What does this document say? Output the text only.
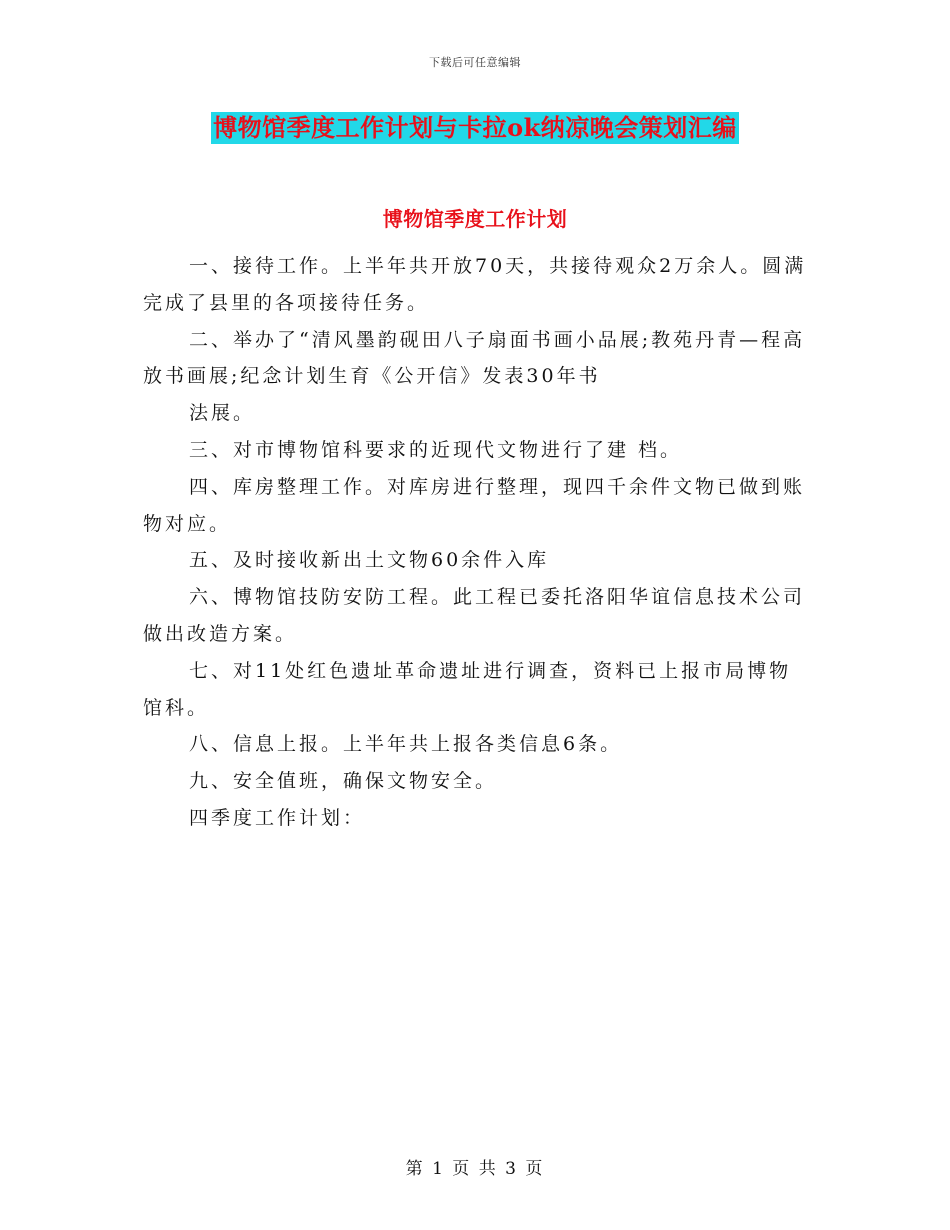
下载后可任意编辑
博物馆季度工作计划与卡拉ok纳凉晚会策划汇编
博物馆季度工作计划

一、接待工作。上半年共开放70天，共接待观众2万余人。圆满完成了县里的各项接待任务。

二、举办了“清风墨韵砚田八子扇面书画小品展;教苑丹青—程高放书画展;纪念计划生育《公开信》发表30年书

法展。

三、对市博物馆科要求的近现代文物进行了建 档。

四、库房整理工作。对库房进行整理，现四千余件文物已做到账物对应。

五、及时接收新出土文物60余件入库

六、博物馆技防安防工程。此工程已委托洛阳华谊信息技术公司做出改造方案。

七、对11处红色遗址革命遗址进行调查，资料已上报市局博物馆科。

八、信息上报。上半年共上报各类信息6条。

九、安全值班，确保文物安全。

四季度工作计划：

第 1 页 共 3 页
